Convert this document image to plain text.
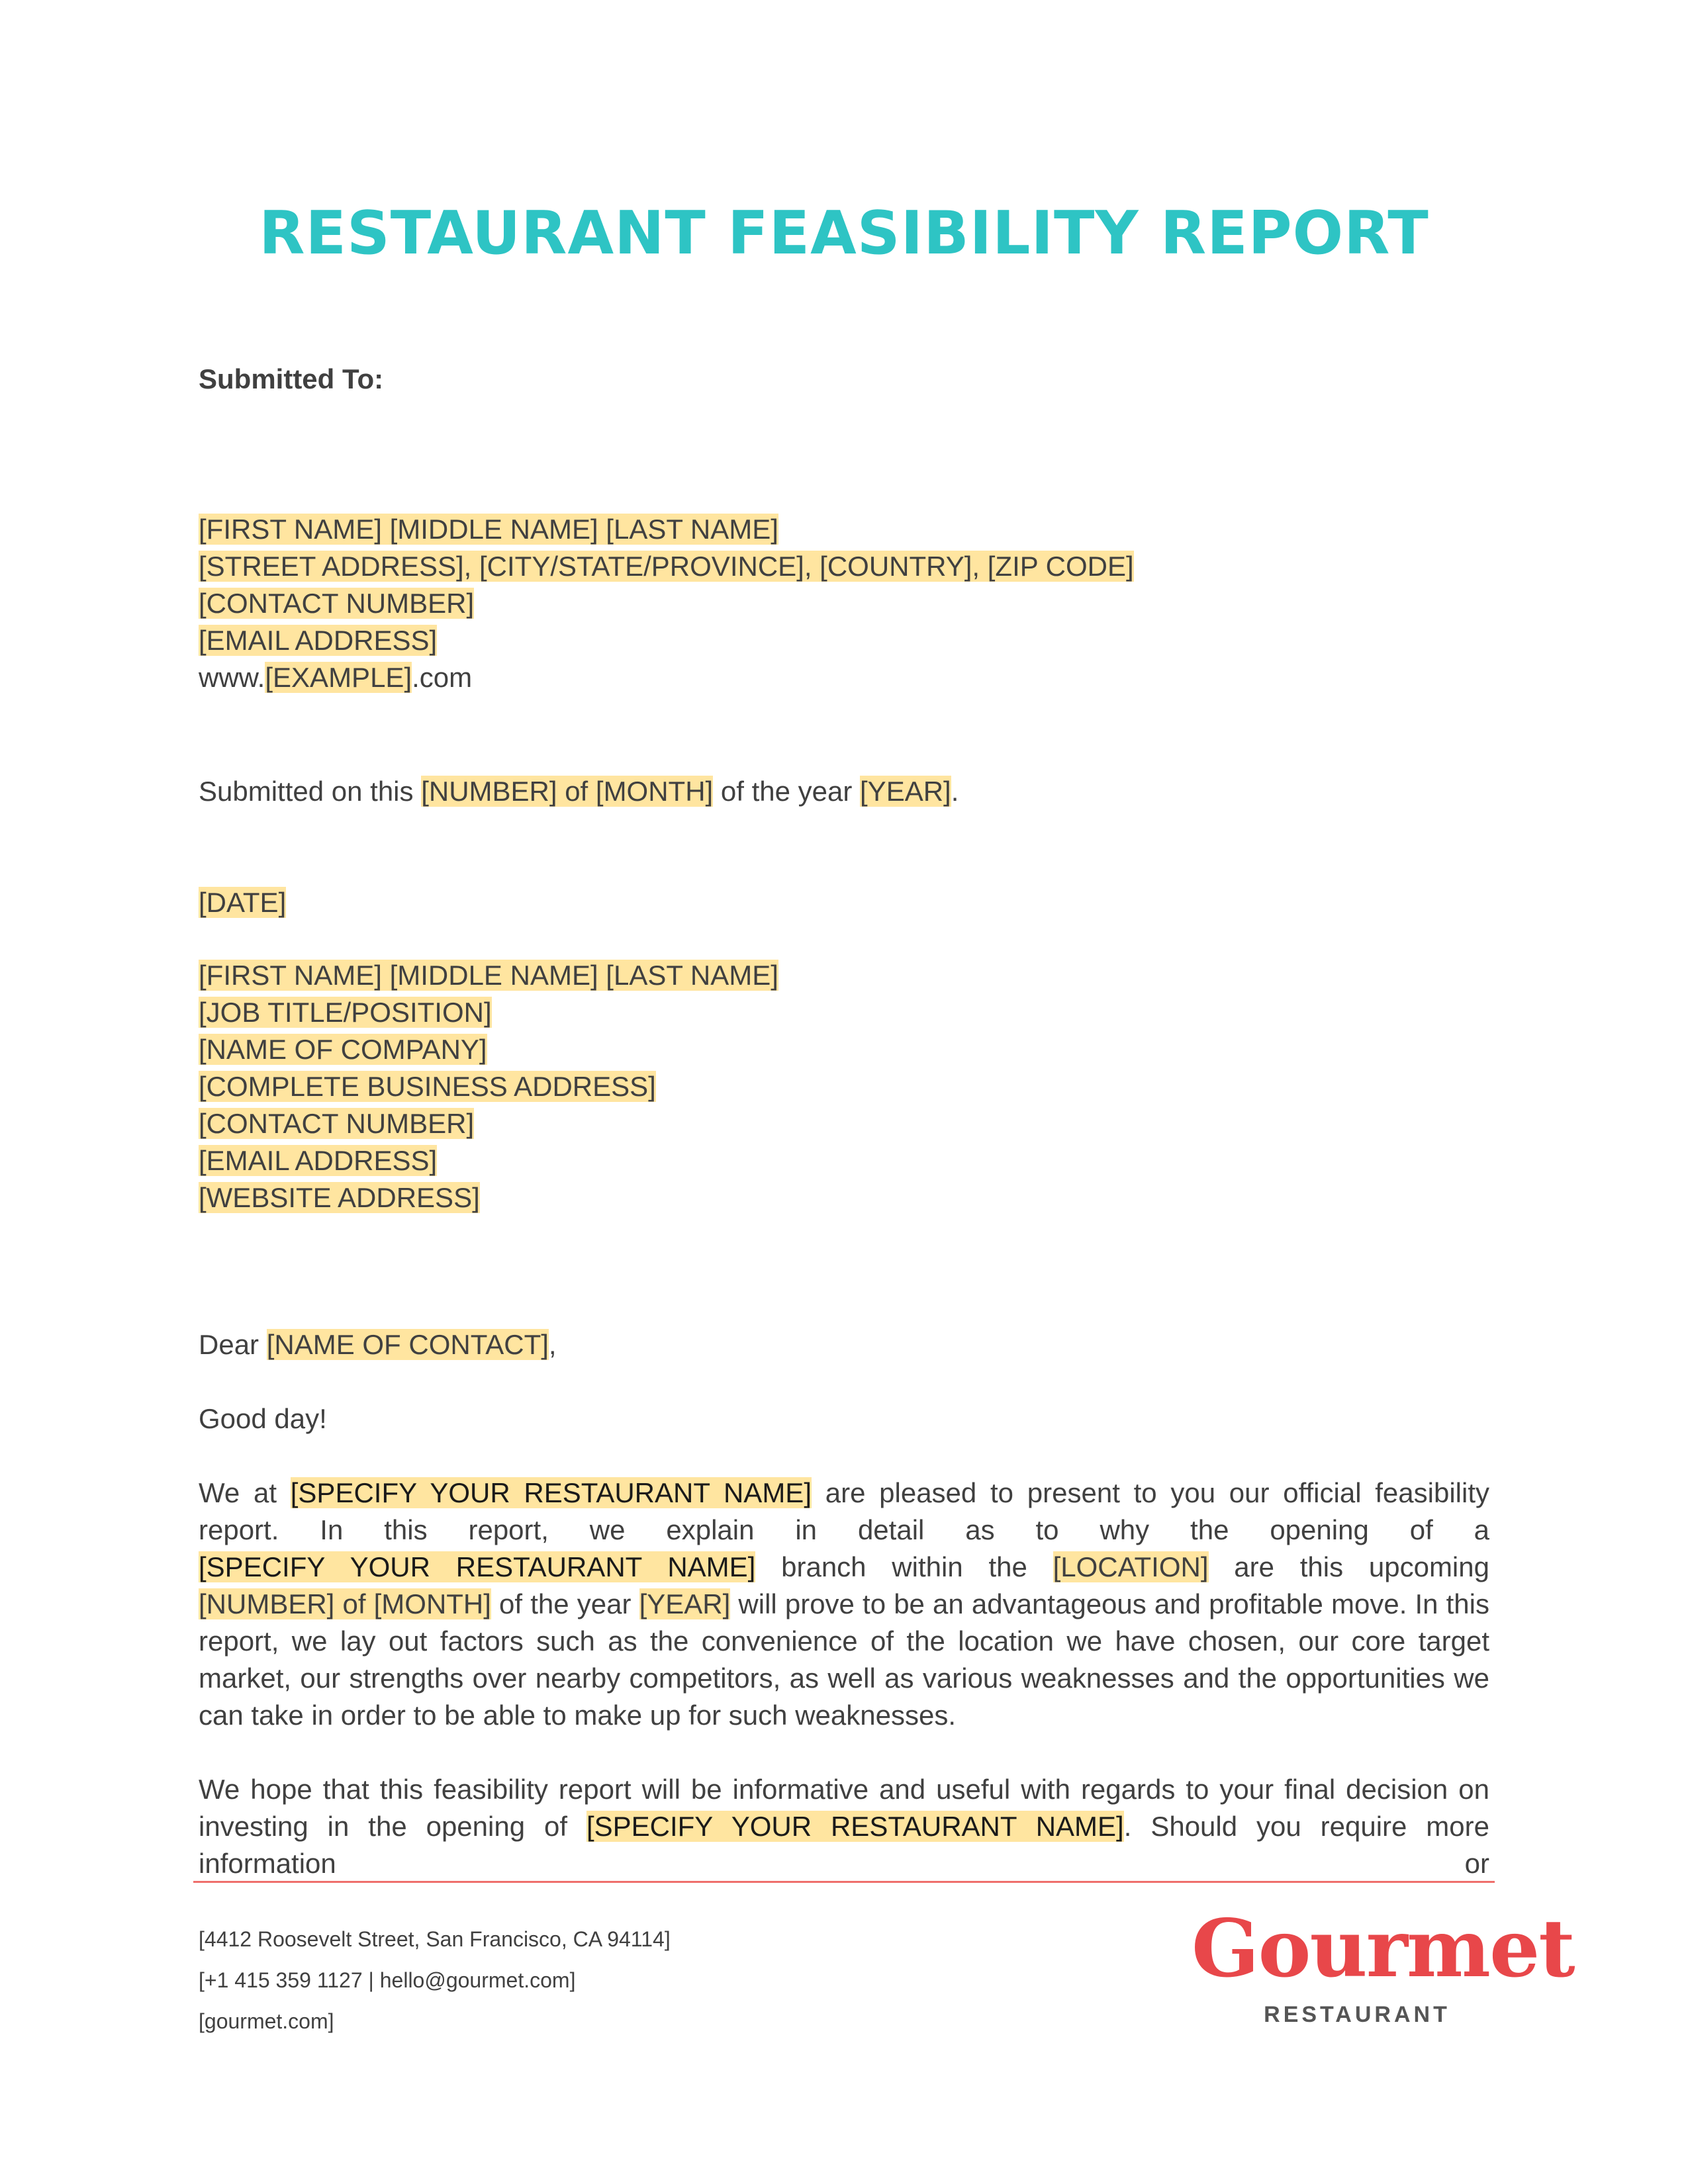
RESTAURANT FEASIBILITY REPORT
Submitted To:
[FIRST NAME] [MIDDLE NAME] [LAST NAME]
[STREET ADDRESS], [CITY/STATE/PROVINCE], [COUNTRY], [ZIP CODE]
[CONTACT NUMBER]
[EMAIL ADDRESS]
www.[EXAMPLE].com
Submitted on this [NUMBER] of [MONTH] of the year [YEAR].
[DATE]
[FIRST NAME] [MIDDLE NAME] [LAST NAME]
[JOB TITLE/POSITION]
[NAME OF COMPANY]
[COMPLETE BUSINESS ADDRESS]
[CONTACT NUMBER]
[EMAIL ADDRESS]
[WEBSITE ADDRESS]
Dear [NAME OF CONTACT],
Good day!
We at [SPECIFY YOUR RESTAURANT NAME] are pleased to present to you our official feasibility report. In this report, we explain in detail as to why the opening of a [SPECIFY YOUR RESTAURANT NAME] branch within the [LOCATION] are this upcoming [NUMBER] of [MONTH] of the year [YEAR] will prove to be an advantageous and profitable move. In this report, we lay out factors such as the convenience of the location we have chosen, our core target market, our strengths over nearby competitors, as well as various weaknesses and the opportunities we can take in order to be able to make up for such weaknesses.
We hope that this feasibility report will be informative and useful with regards to your final decision on investing in the opening of [SPECIFY YOUR RESTAURANT NAME]. Should you require more information or
[4412 Roosevelt Street, San Francisco, CA 94114]
[+1 415 359 1127 | hello@gourmet.com]
[gourmet.com]
Gourmet
RESTAURANT
